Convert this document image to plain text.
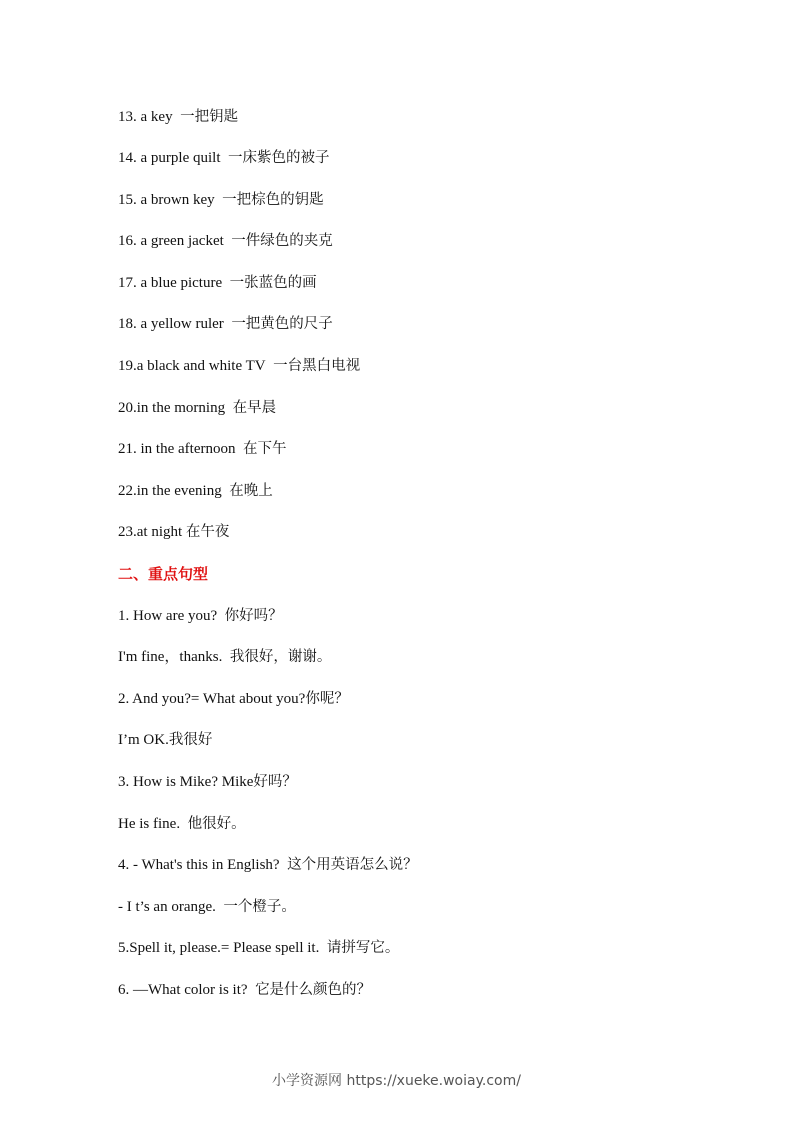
13. a key 一把钥匙
14. a purple quilt 一床紫色的被子
15. a brown key 一把棕色的钥匙
16. a green jacket 一件绿色的夹克
17. a blue picture 一张蓝色的画
18. a yellow ruler 一把黄色的尺子
19.a black and white TV 一台黑白电视
20.in the morning 在早晨
21. in the afternoon 在下午
22.in the evening 在晚上
23.at night 在午夜
二、重点句型
1. How are you? 你好吗？
I'm fine，thanks. 我很好，谢谢。
2. And you?= What about you?你呢？
I’m OK.我很好
3. How is Mike? Mike好吗？
He is fine. 他很好。
4. - What's this in English? 这个用英语怎么说？
- I t’s an orange. 一个橙子。
5.Spell it, please.= Please spell it. 请拼写它。
6. —What color is it? 它是什么颜色的？
小学资源网 https://xueke.woiay.com/
